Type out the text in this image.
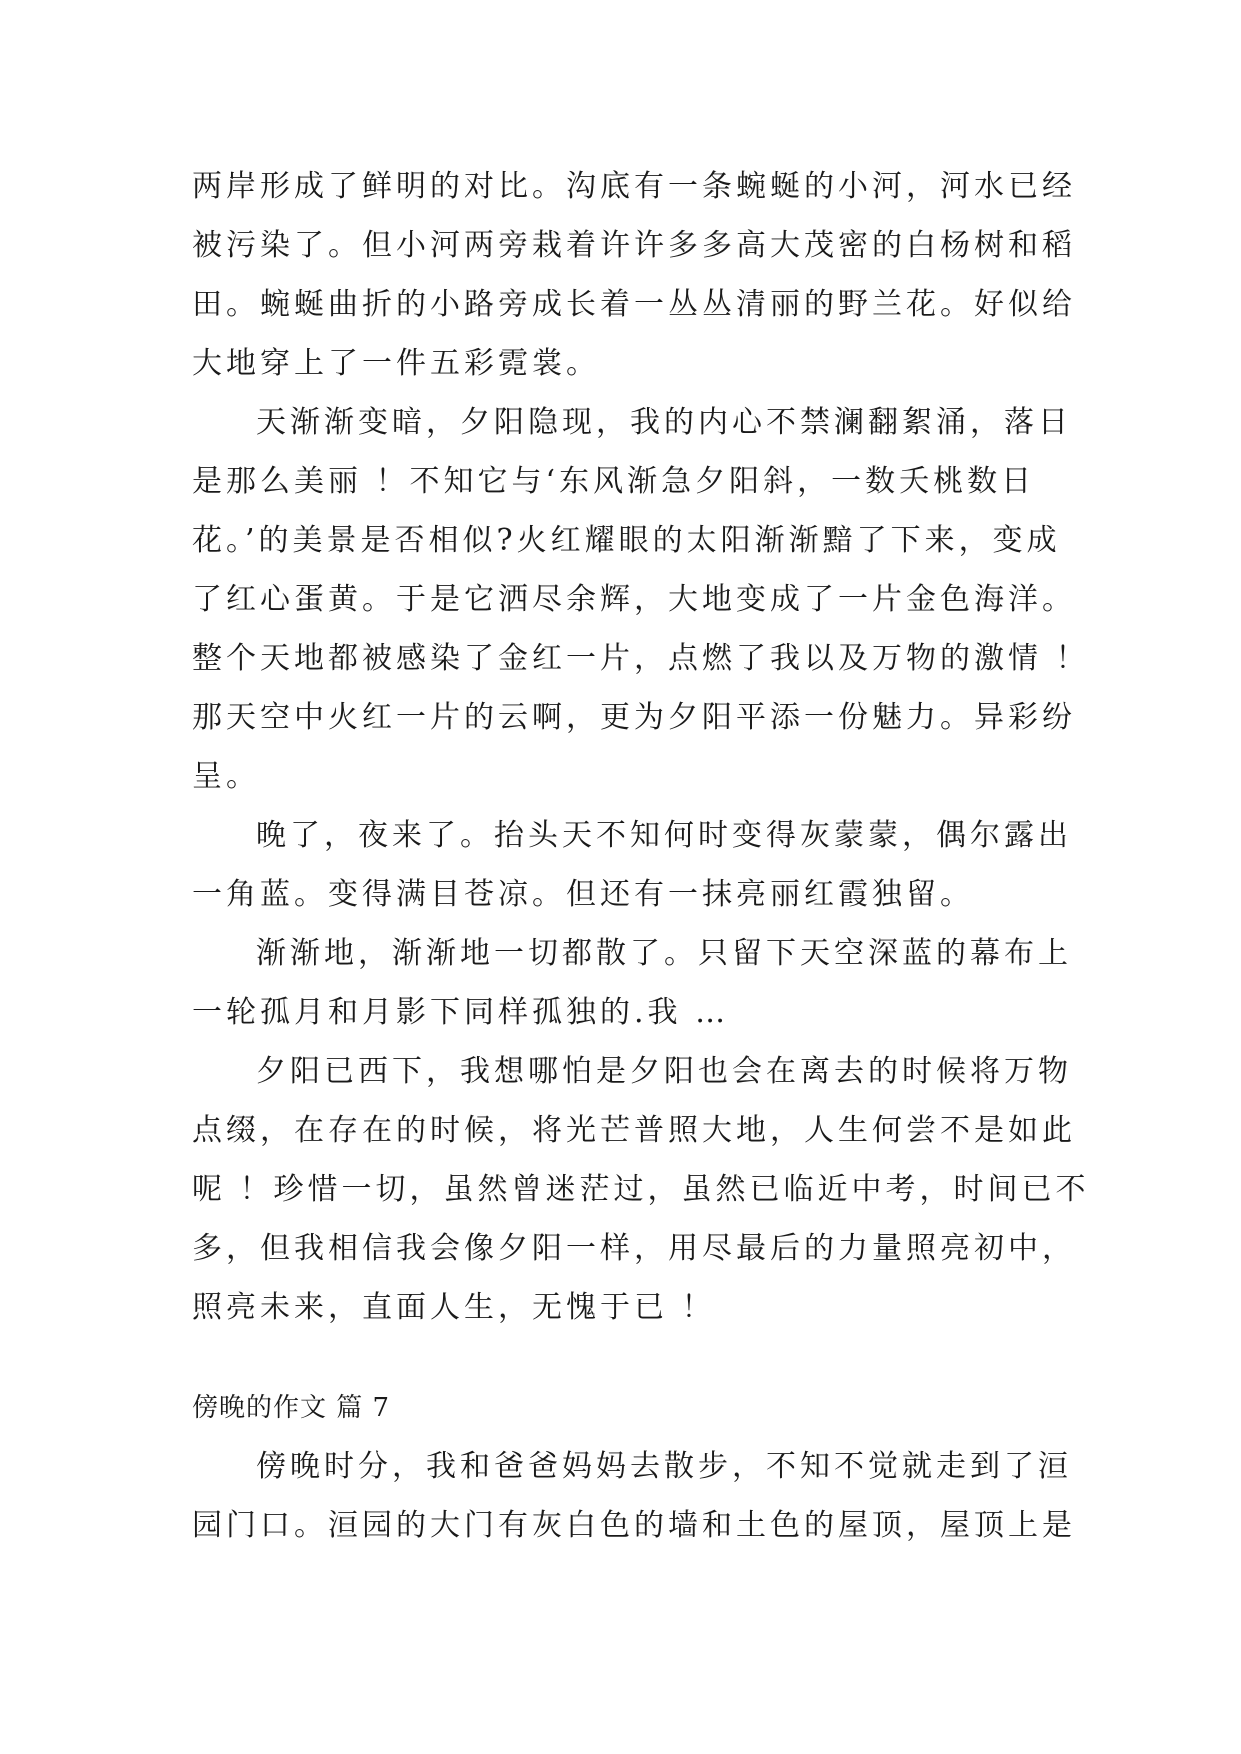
两岸形成了鲜明的对比。沟底有一条蜿蜒的小河，河水已经
被污染了。但小河两旁栽着许许多多高大茂密的白杨树和稻
田。蜿蜒曲折的小路旁成长着一丛丛清丽的野兰花。好似给
大地穿上了一件五彩霓裳。
天渐渐变暗，夕阳隐现，我的内心不禁澜翻絮涌，落日
是那么美丽 ！不知它与‘东风渐急夕阳斜，一数夭桃数日
花。’的美景是否相似?火红耀眼的太阳渐渐黯了下来，变成
了红心蛋黄。于是它洒尽余辉，大地变成了一片金色海洋。
整个天地都被感染了金红一片，点燃了我以及万物的激情 ！
那天空中火红一片的云啊，更为夕阳平添一份魅力。异彩纷
呈。
晚了，夜来了。抬头天不知何时变得灰蒙蒙，偶尔露出
一角蓝。变得满目苍凉。但还有一抹亮丽红霞独留。
渐渐地，渐渐地一切都散了。只留下天空深蓝的幕布上
一轮孤月和月影下同样孤独的.我 …
夕阳已西下，我想哪怕是夕阳也会在离去的时候将万物
点缀，在存在的时候，将光芒普照大地，人生何尝不是如此
呢 ！珍惜一切，虽然曾迷茫过，虽然已临近中考，时间已不
多，但我相信我会像夕阳一样，用尽最后的力量照亮初中，
照亮未来，直面人生，无愧于已 ！
傍晚的作文 篇 7
傍晚时分，我和爸爸妈妈去散步，不知不觉就走到了洹
园门口。洹园的大门有灰白色的墙和土色的屋顶，屋顶上是
